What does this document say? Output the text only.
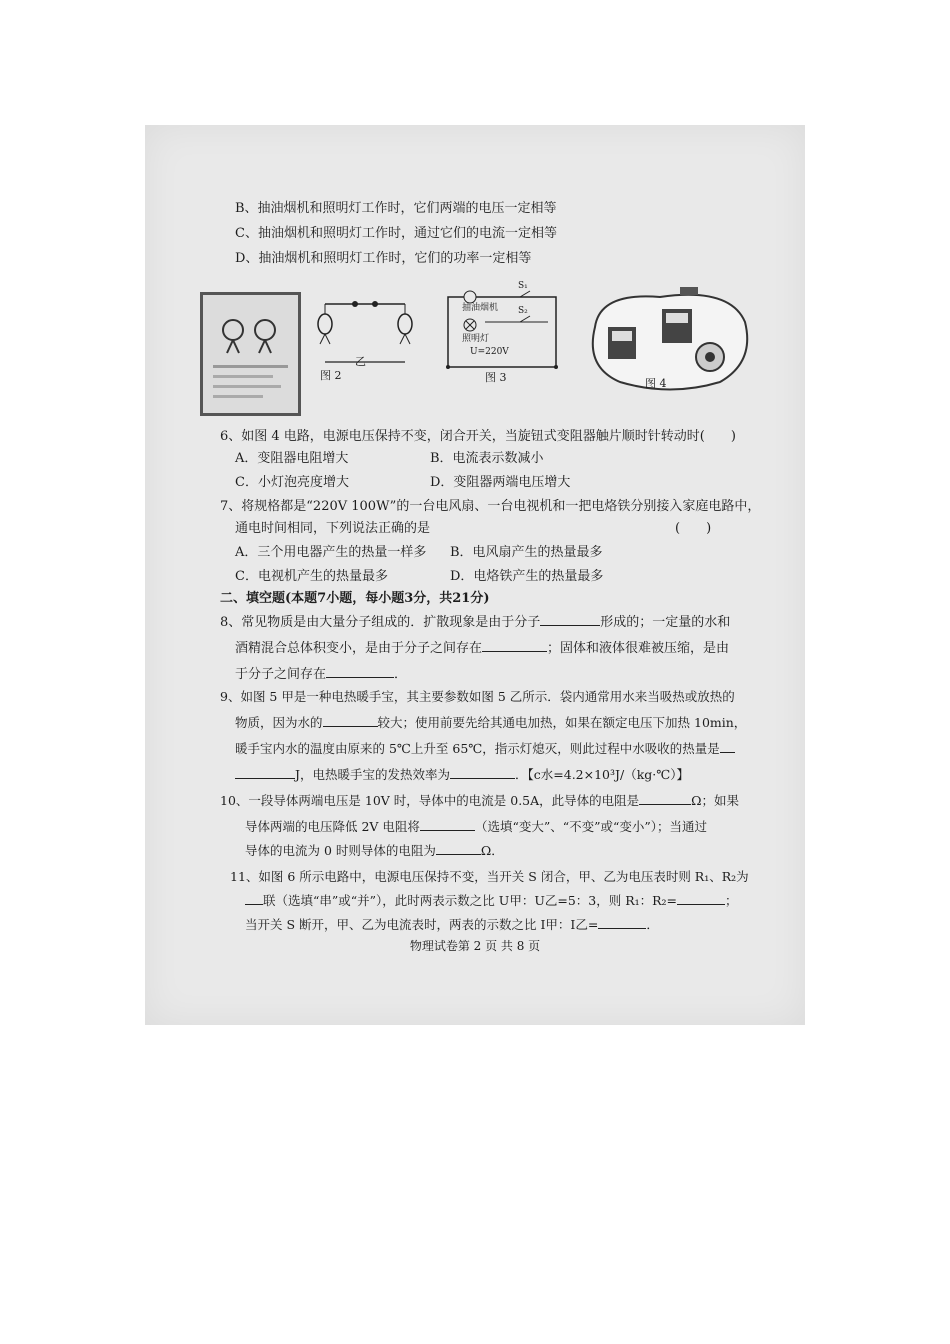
B、抽油烟机和照明灯工作时，它们两端的电压一定相等
C、抽油烟机和照明灯工作时，通过它们的电流一定相等
D、抽油烟机和照明灯工作时，它们的功率一定相等
乙
图 2
抽油烟机
照明灯
U=220V
S₁
S₂
图 3	图 4
6、如图 4 电路，电源电压保持不变，闭合开关，当旋钮式变阻器触片顺时针转动时(　　)
A．变阻器电阻增大	B．电流表示数减小
C．小灯泡亮度增大	D．变阻器两端电压增大
7、将规格都是“220V 100W”的一台电风扇、一台电视机和一把电烙铁分别接入家庭电路中，
通电时间相同，下列说法正确的是	(　　)
A．三个用电器产生的热量一样多 B．电风扇产生的热量最多
C．电视机产生的热量最多	D．电烙铁产生的热量最多
二、填空题(本题7小题，每小题3分，共21分)
8、常见物质是由大量分子组成的．扩散现象是由于分子	形成的；一定量的水和
酒精混合总体积变小，是由于分子之间存在	；固体和液体很难被压缩，是由
于分子之间存在	．
9、如图 5 甲是一种电热暖手宝，其主要参数如图 5 乙所示．袋内通常用水来当吸热或放热的
物质，因为水的	较大；使用前要先给其通电加热，如果在额定电压下加热 10min，
暖手宝内水的温度由原来的 5℃上升至 65℃，指示灯熄灭，则此过程中水吸收的热量是
J，电热暖手宝的发热效率为	．【c水=4.2×10³J/（kg·℃）】
10、一段导体两端电压是 10V 时，导体中的电流是 0.5A，此导体的电阻是	Ω；如果
导体两端的电压降低 2V 电阻将	（选填“变大”、“不变”或“变小”）；当通过
导体的电流为 0 时则导体的电阻为	Ω．
11、如图 6 所示电路中，电源电压保持不变，当开关 S 闭合，甲、乙为电压表时则 R₁、R₂为
联（选填“串”或“并”），此时两表示数之比 U甲：U乙=5：3，则 R₁：R₂=	；
当开关 S 断开，甲、乙为电流表时，两表的示数之比 I甲：I乙=	．
物理试卷第 2 页 共 8 页
